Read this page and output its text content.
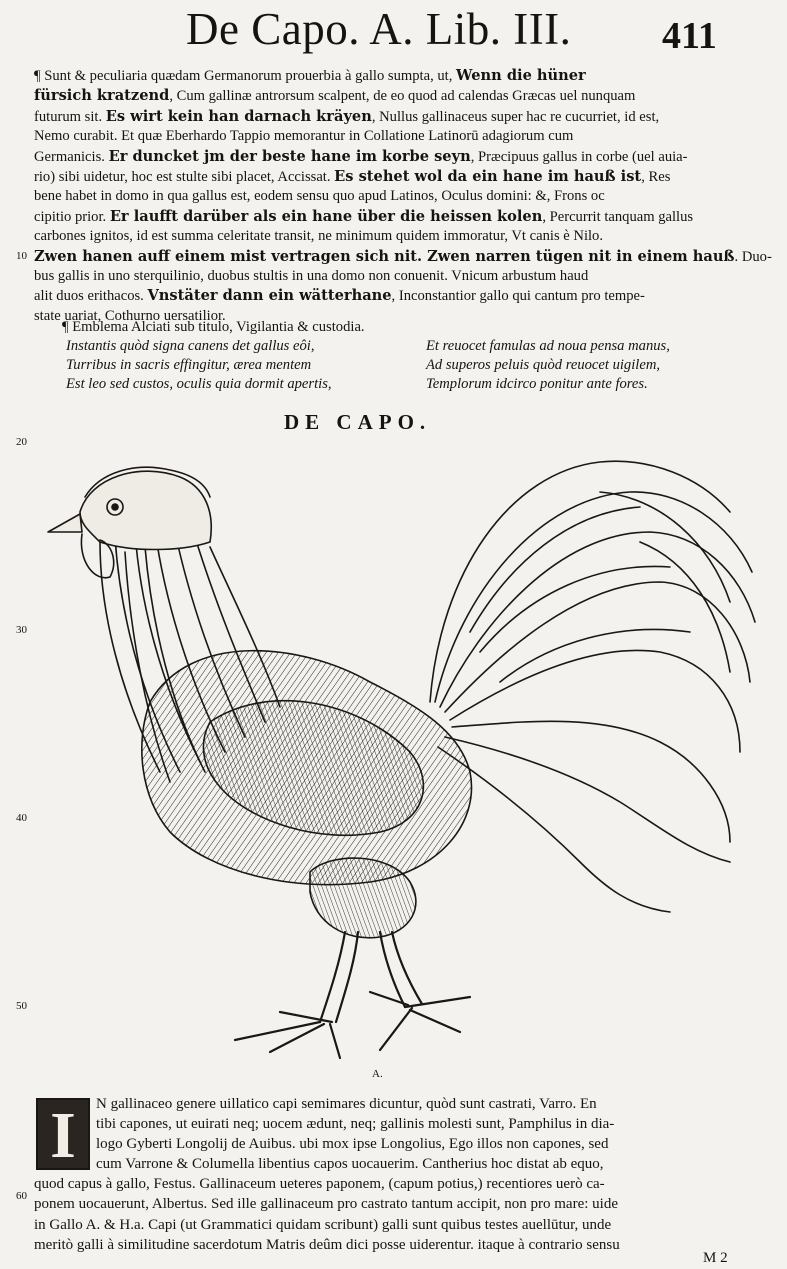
De Capo. A. Lib. III. 411
10
20
30
40
50
60
¶ Sunt & peculiaria quædam Germanorum prouerbia à gallo sumpta, ut, Wenn die hüner
fürsich kratzend, Cum gallinæ antrorsum scalpent, de eo quod ad calendas Græcas uel nunquam
futurum sit. Es wirt kein han darnach kräyen, Nullus gallinaceus super hac re cucurriet, id est,
Nemo curabit. Et quæ Eberhardo Tappio memorantur in Collatione Latinorū adagiorum cum
Germanicis. Er duncket jm der beste hane im korbe seyn, Præcipuus gallus in corbe (uel auia-
rio) sibi uidetur, hoc est stulte sibi placet, Accissat. Es stehet wol da ein hane im hauß ist, Res
bene habet in domo in qua gallus est, eodem sensu quo apud Latinos, Oculus domini: &, Frons oc
cipitio prior. Er laufft darüber als ein hane über die heissen kolen, Percurrit tanquam gallus
carbones ignitos, id est summa celeritate transit, ne minimum quidem immoratur, Vt canis è Nilo.
Zwen hanen auff einem mist vertragen sich nit. Zwen narren tügen nit in einem hauß. Duo-
bus gallis in uno sterquilinio, duobus stultis in una domo non conuenit. Vnicum arbustum haud
alit duos erithacos. Vnstäter dann ein wätterhane, Inconstantior gallo qui cantum pro tempe-
state uariat, Cothurno uersatilior.
¶ Emblema Alciati sub titulo, Vigilantia & custodia.
Instantis quòd signa canens det gallus eôi,
Turribus in sacris effingitur, ærea mentem
Est leo sed custos, oculis quia dormit apertis,
Et reuocet famulas ad noua pensa manus,
Ad superos peluis quòd reuocet uigilem,
Templorum idcirco ponitur ante fores.
DE CAPO.
A.
I	N gallinaceo genere uillatico capi semimares dicuntur, quòd sunt castrati, Varro. En
tibi capones, ut euirati neq; uocem ædunt, neq; gallinis molesti sunt, Pamphilus in dia-
logo Gyberti Longolij de Auibus. ubi mox ipse Longolius, Ego illos non capones, sed
cum Varrone & Columella libentius capos uocauerim. Cantherius hoc distat ab equo,
quod capus à gallo, Festus. Gallinaceum ueteres paponem, (capum potius,) recentiores uerò ca-
ponem uocauerunt, Albertus. Sed ille gallinaceum pro castrato tantum accipit, non pro mare: uide
in Gallo A. & H.a. Capi (ut Grammatici quidam scribunt) galli sunt quibus testes auellūtur, unde
meritò galli à similitudine sacerdotum Matris deûm dici posse uiderentur. itaque à contrario sensu
M 2
